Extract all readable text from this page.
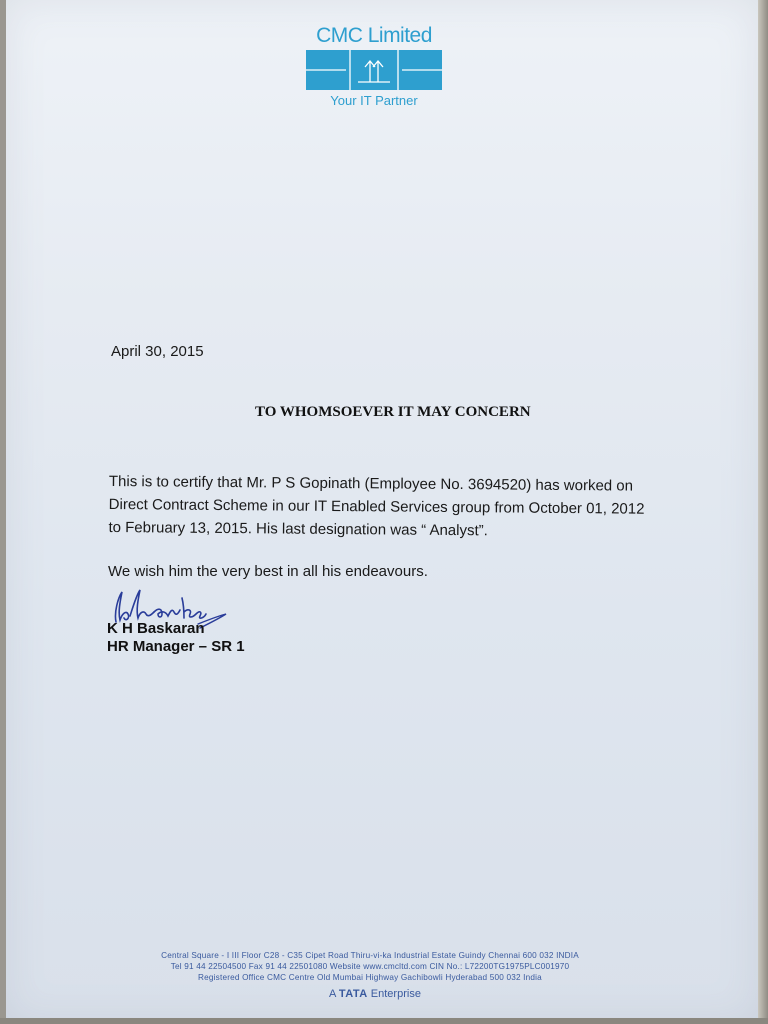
CMC Limited
Your IT Partner
April 30, 2015
TO WHOMSOEVER IT MAY CONCERN
This is to certify that Mr. P S Gopinath (Employee No. 3694520) has worked on
Direct Contract Scheme in our IT Enabled Services group from October 01, 2012
to February 13, 2015. His last designation was “ Analyst”.
We wish him the very best in all his endeavours.
K H Baskaran
HR Manager – SR 1
Central Square - I III Floor C28 - C35 Cipet Road Thiru-vi-ka Industrial Estate Guindy Chennai 600 032 INDIA
Tel 91 44 22504500 Fax 91 44 22501080 Website www.cmcltd.com CIN No.: L72200TG1975PLC001970
Registered Office CMC Centre Old Mumbai Highway Gachibowli Hyderabad 500 032 India
A TATA Enterprise
